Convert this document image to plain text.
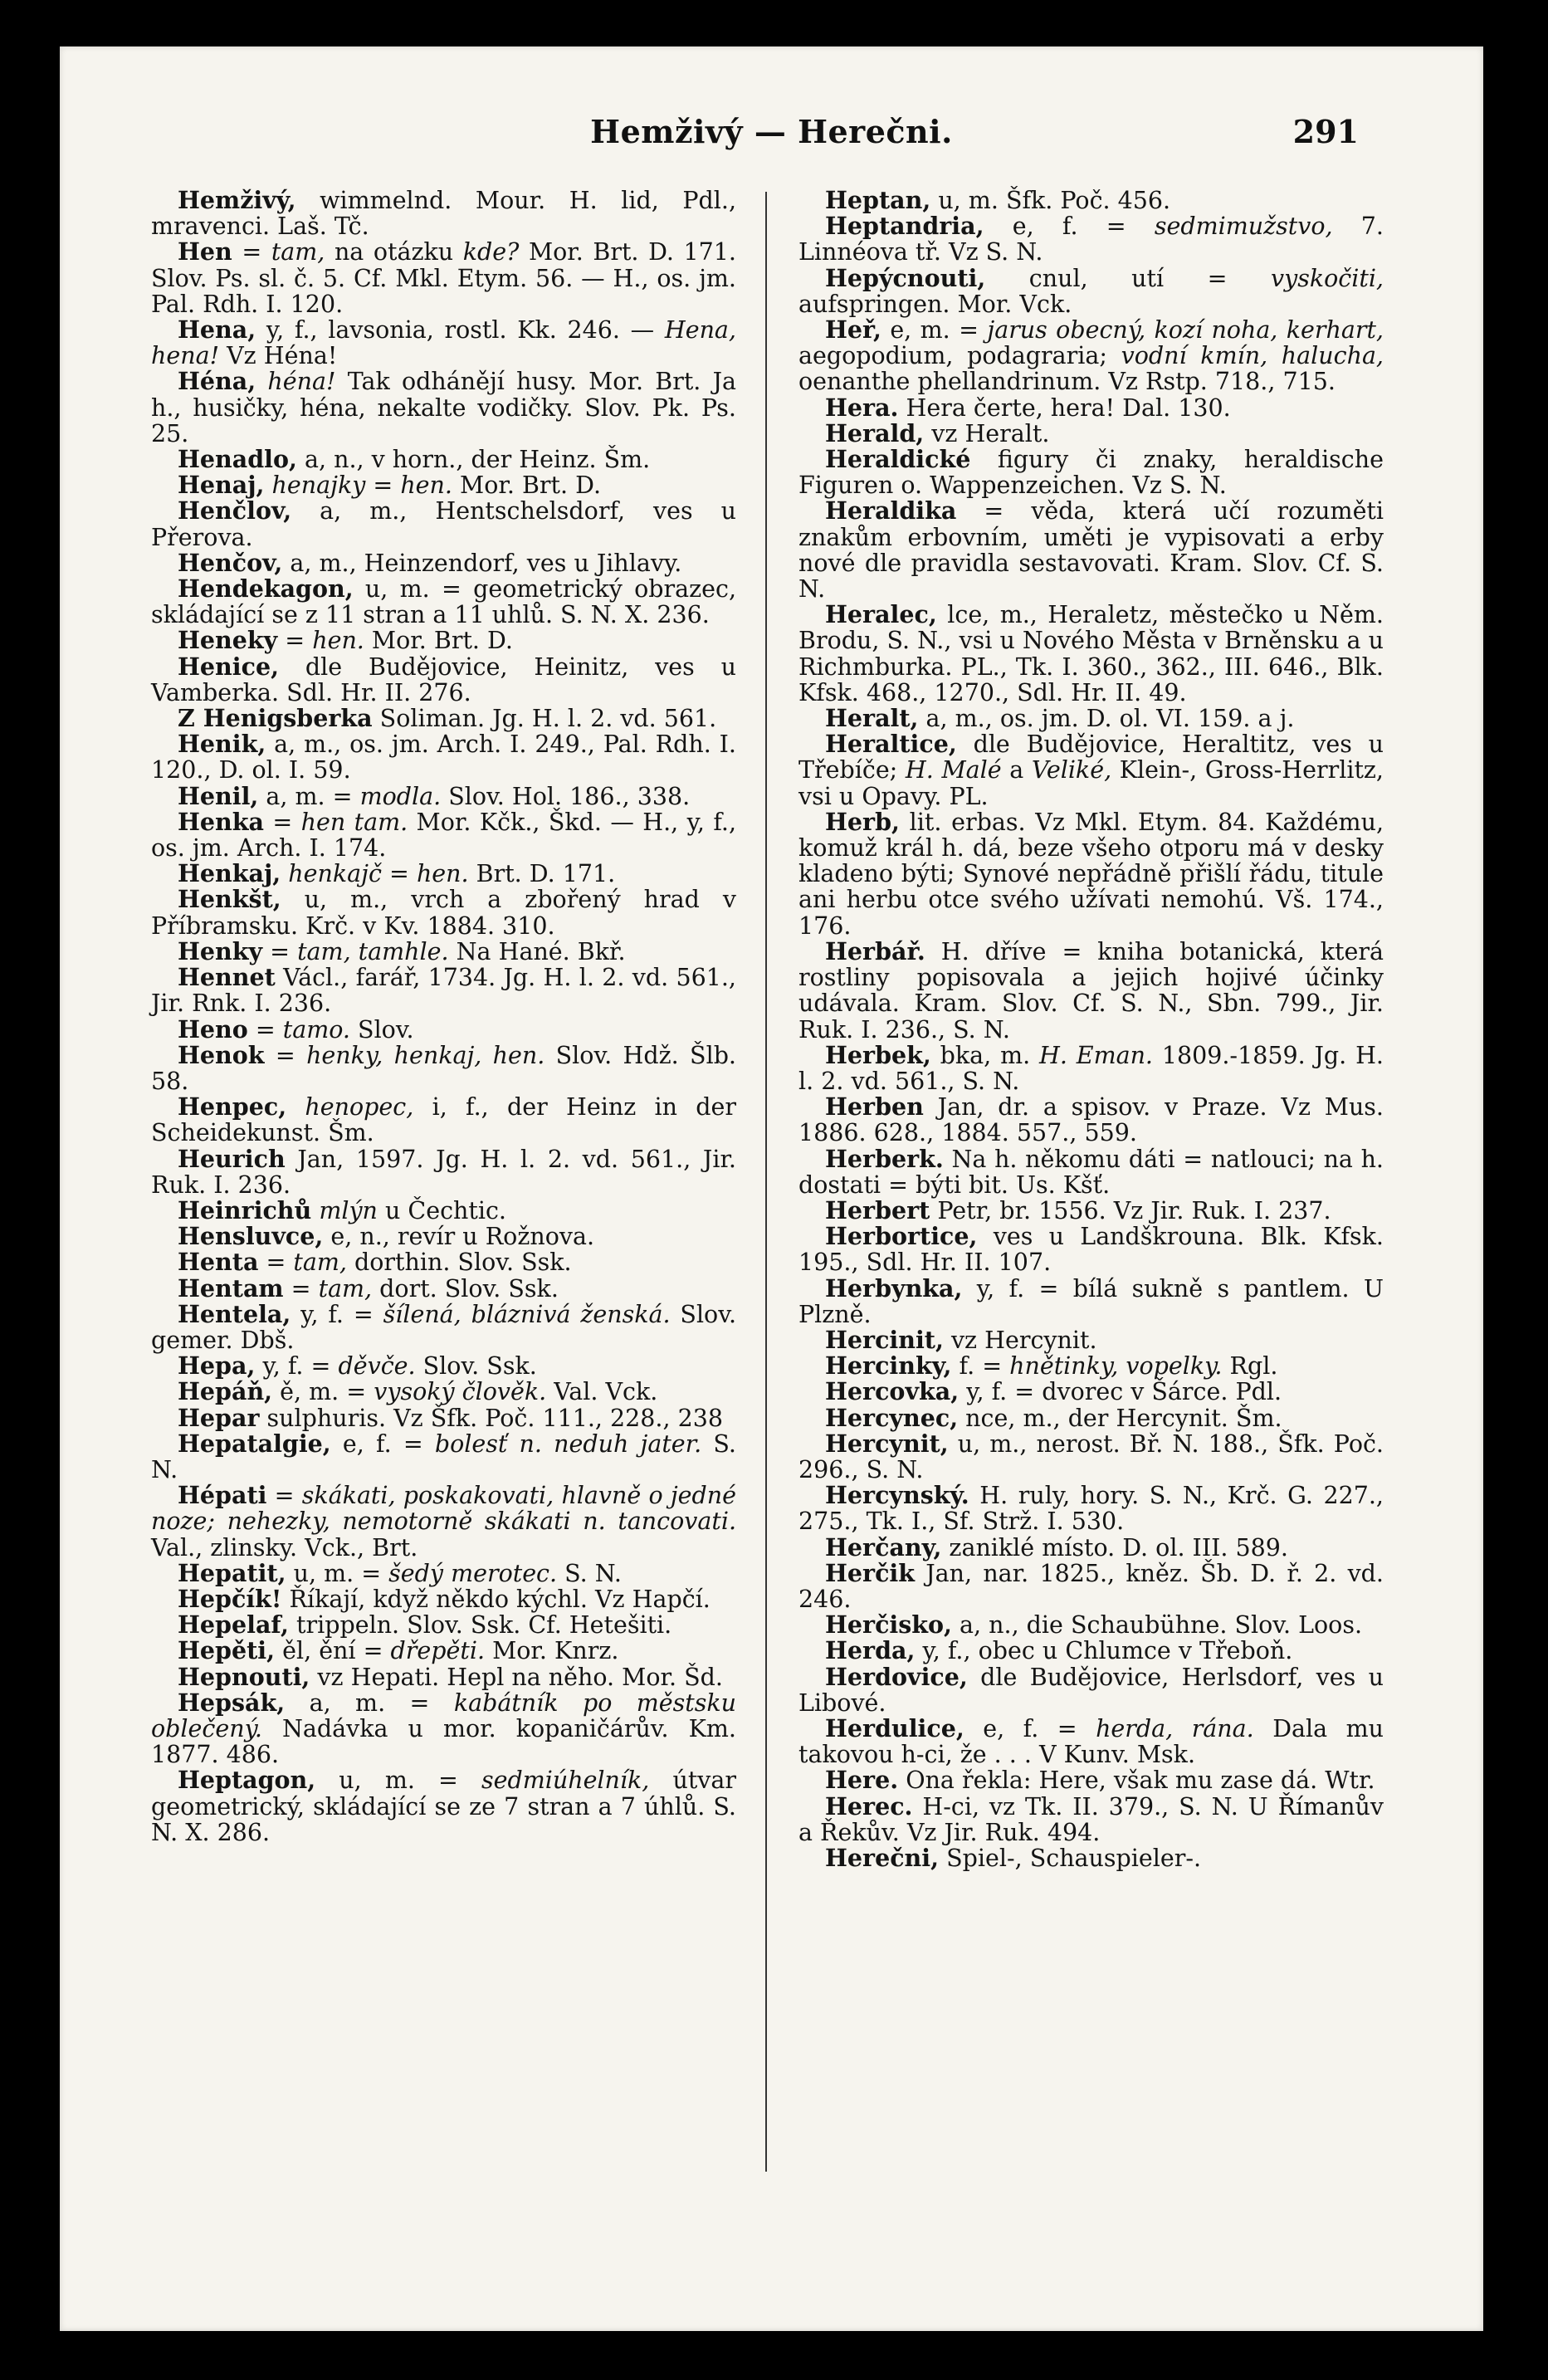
Hemživý — Herečni.	291

Hemživý, wimmelnd. Mour. H. lid, Pdl., mravenci. Laš. Tč.

Hen = tam, na otázku kde? Mor. Brt. D. 171. Slov. Ps. sl. č. 5. Cf. Mkl. Etym. 56. — H., os. jm. Pal. Rdh. I. 120.

Hena, y, f., lavsonia, rostl. Kk. 246. — Hena, hena! Vz Héna!

Héna, héna! Tak odhánějí husy. Mor. Brt. Ja h., husičky, héna, nekalte vodičky. Slov. Pk. Ps. 25.

Henadlo, a, n., v horn., der Heinz. Šm.

Henaj, henajky = hen. Mor. Brt. D.

Henčlov, a, m., Hentschelsdorf, ves u Přerova.

Henčov, a, m., Heinzendorf, ves u Jihlavy.

Hendekagon, u, m. = geometrický obrazec, skládající se z 11 stran a 11 uhlů. S. N. X. 236.

Heneky = hen. Mor. Brt. D.

Henice, dle Budějovice, Heinitz, ves u Vamberka. Sdl. Hr. II. 276.

Z Henigsberka Soliman. Jg. H. l. 2. vd. 561.

Henik, a, m., os. jm. Arch. I. 249., Pal. Rdh. I. 120., D. ol. I. 59.

Henil, a, m. = modla. Slov. Hol. 186., 338.

Henka = hen tam. Mor. Kčk., Škd. — H., y, f., os. jm. Arch. I. 174.

Henkaj, henkajč = hen. Brt. D. 171.

Henkšt, u, m., vrch a zbořený hrad v Příbramsku. Krč. v Kv. 1884. 310.

Henky = tam, tamhle. Na Hané. Bkř.

Hennet Václ., farář, 1734. Jg. H. l. 2. vd. 561., Jir. Rnk. I. 236.

Heno = tamo. Slov.

Henok = henky, henkaj, hen. Slov. Hdž. Šlb. 58.

Henpec, henopec, i, f., der Heinz in der Scheidekunst. Šm.

Heurich Jan, 1597. Jg. H. l. 2. vd. 561., Jir. Ruk. I. 236.

Heinrichů mlýn u Čechtic.

Hensluvce, e, n., revír u Rožnova.

Henta = tam, dorthin. Slov. Ssk.

Hentam = tam, dort. Slov. Ssk.

Hentela, y, f. = šílená, bláznivá ženská. Slov. gemer. Dbš.

Hepa, y, f. = děvče. Slov. Ssk.

Hepáň, ě, m. = vysoký člověk. Val. Vck.

Hepar sulphuris. Vz Šfk. Poč. 111., 228., 238

Hepatalgie, e, f. = bolesť n. neduh jater. S. N.

Hépati = skákati, poskakovati, hlavně o jedné noze; nehezky, nemotorně skákati n. tancovati. Val., zlinsky. Vck., Brt.

Hepatit, u, m. = šedý merotec. S. N.

Hepčík! Říkají, když někdo kýchl. Vz Hapčí.

Hepelaf, trippeln. Slov. Ssk. Cf. Hetešiti.

Hepěti, ěl, ění = dřepěti. Mor. Knrz.

Hepnouti, vz Hepati. Hepl na něho. Mor. Šd.

Hepsák, a, m. = kabátník po městsku oblečený. Nadávka u mor. kopaničárův. Km. 1877. 486.

Heptagon, u, m. = sedmiúhelník, útvar geometrický, skládající se ze 7 stran a 7 úhlů. S. N. X. 286.

Heptan, u, m. Šfk. Poč. 456.

Heptandria, e, f. = sedmimužstvo, 7. Linnéova tř. Vz S. N.

Hepýcnouti, cnul, utí = vyskočiti, aufspringen. Mor. Vck.

Heř, e, m. = jarus obecný, kozí noha, kerhart, aegopodium, podagraria; vodní kmín, halucha, oenanthe phellandrinum. Vz Rstp. 718., 715.

Hera. Hera čerte, hera! Dal. 130.

Herald, vz Heralt.

Heraldické figury či znaky, heraldische Figuren o. Wappenzeichen. Vz S. N.

Heraldika = věda, která učí rozuměti znakům erbovním, uměti je vypisovati a erby nové dle pravidla sestavovati. Kram. Slov. Cf. S. N.

Heralec, lce, m., Heraletz, městečko u Něm. Brodu, S. N., vsi u Nového Města v Brněnsku a u Richmburka. PL., Tk. I. 360., 362., III. 646., Blk. Kfsk. 468., 1270., Sdl. Hr. II. 49.

Heralt, a, m., os. jm. D. ol. VI. 159. a j.

Heraltice, dle Budějovice, Heraltitz, ves u Třebíče; H. Malé a Veliké, Klein-, Gross-Herrlitz, vsi u Opavy. PL.

Herb, lit. erbas. Vz Mkl. Etym. 84. Každému, komuž král h. dá, beze všeho otporu má v desky kladeno býti; Synové nepřádně přišlí řádu, titule ani herbu otce svého užívati nemohú. Vš. 174., 176.

Herbář. H. dříve = kniha botanická, která rostliny popisovala a jejich hojivé účinky udávala. Kram. Slov. Cf. S. N., Sbn. 799., Jir. Ruk. I. 236., S. N.

Herbek, bka, m. H. Eman. 1809.-1859. Jg. H. l. 2. vd. 561., S. N.

Herben Jan, dr. a spisov. v Praze. Vz Mus. 1886. 628., 1884. 557., 559.

Herberk. Na h. někomu dáti = natlouci; na h. dostati = býti bit. Us. Kšť.

Herbert Petr, br. 1556. Vz Jir. Ruk. I. 237.

Herbortice, ves u Landškrouna. Blk. Kfsk. 195., Sdl. Hr. II. 107.

Herbynka, y, f. = bílá sukně s pantlem. U Plzně.

Hercinit, vz Hercynit.

Hercinky, f. = hnětinky, vopelky. Rgl.

Hercovka, y, f. = dvorec v Šárce. Pdl.

Hercynec, nce, m., der Hercynit. Šm.

Hercynit, u, m., nerost. Bř. N. 188., Šfk. Poč. 296., S. N.

Hercynský. H. ruly, hory. S. N., Krč. G. 227., 275., Tk. I., Sf. Strž. I. 530.

Herčany, zaniklé místo. D. ol. III. 589.

Herčik Jan, nar. 1825., kněz. Šb. D. ř. 2. vd. 246.

Herčisko, a, n., die Schaubühne. Slov. Loos.

Herda, y, f., obec u Chlumce v Třeboň.

Herdovice, dle Budějovice, Herlsdorf, ves u Libové.

Herdulice, e, f. = herda, rána. Dala mu takovou h-ci, že . . . V Kunv. Msk.

Here. Ona řekla: Here, však mu zase dá. Wtr.

Herec. H-ci, vz Tk. II. 379., S. N. U Římanův a Řekův. Vz Jir. Ruk. 494.

Herečni, Spiel-, Schauspieler-.
